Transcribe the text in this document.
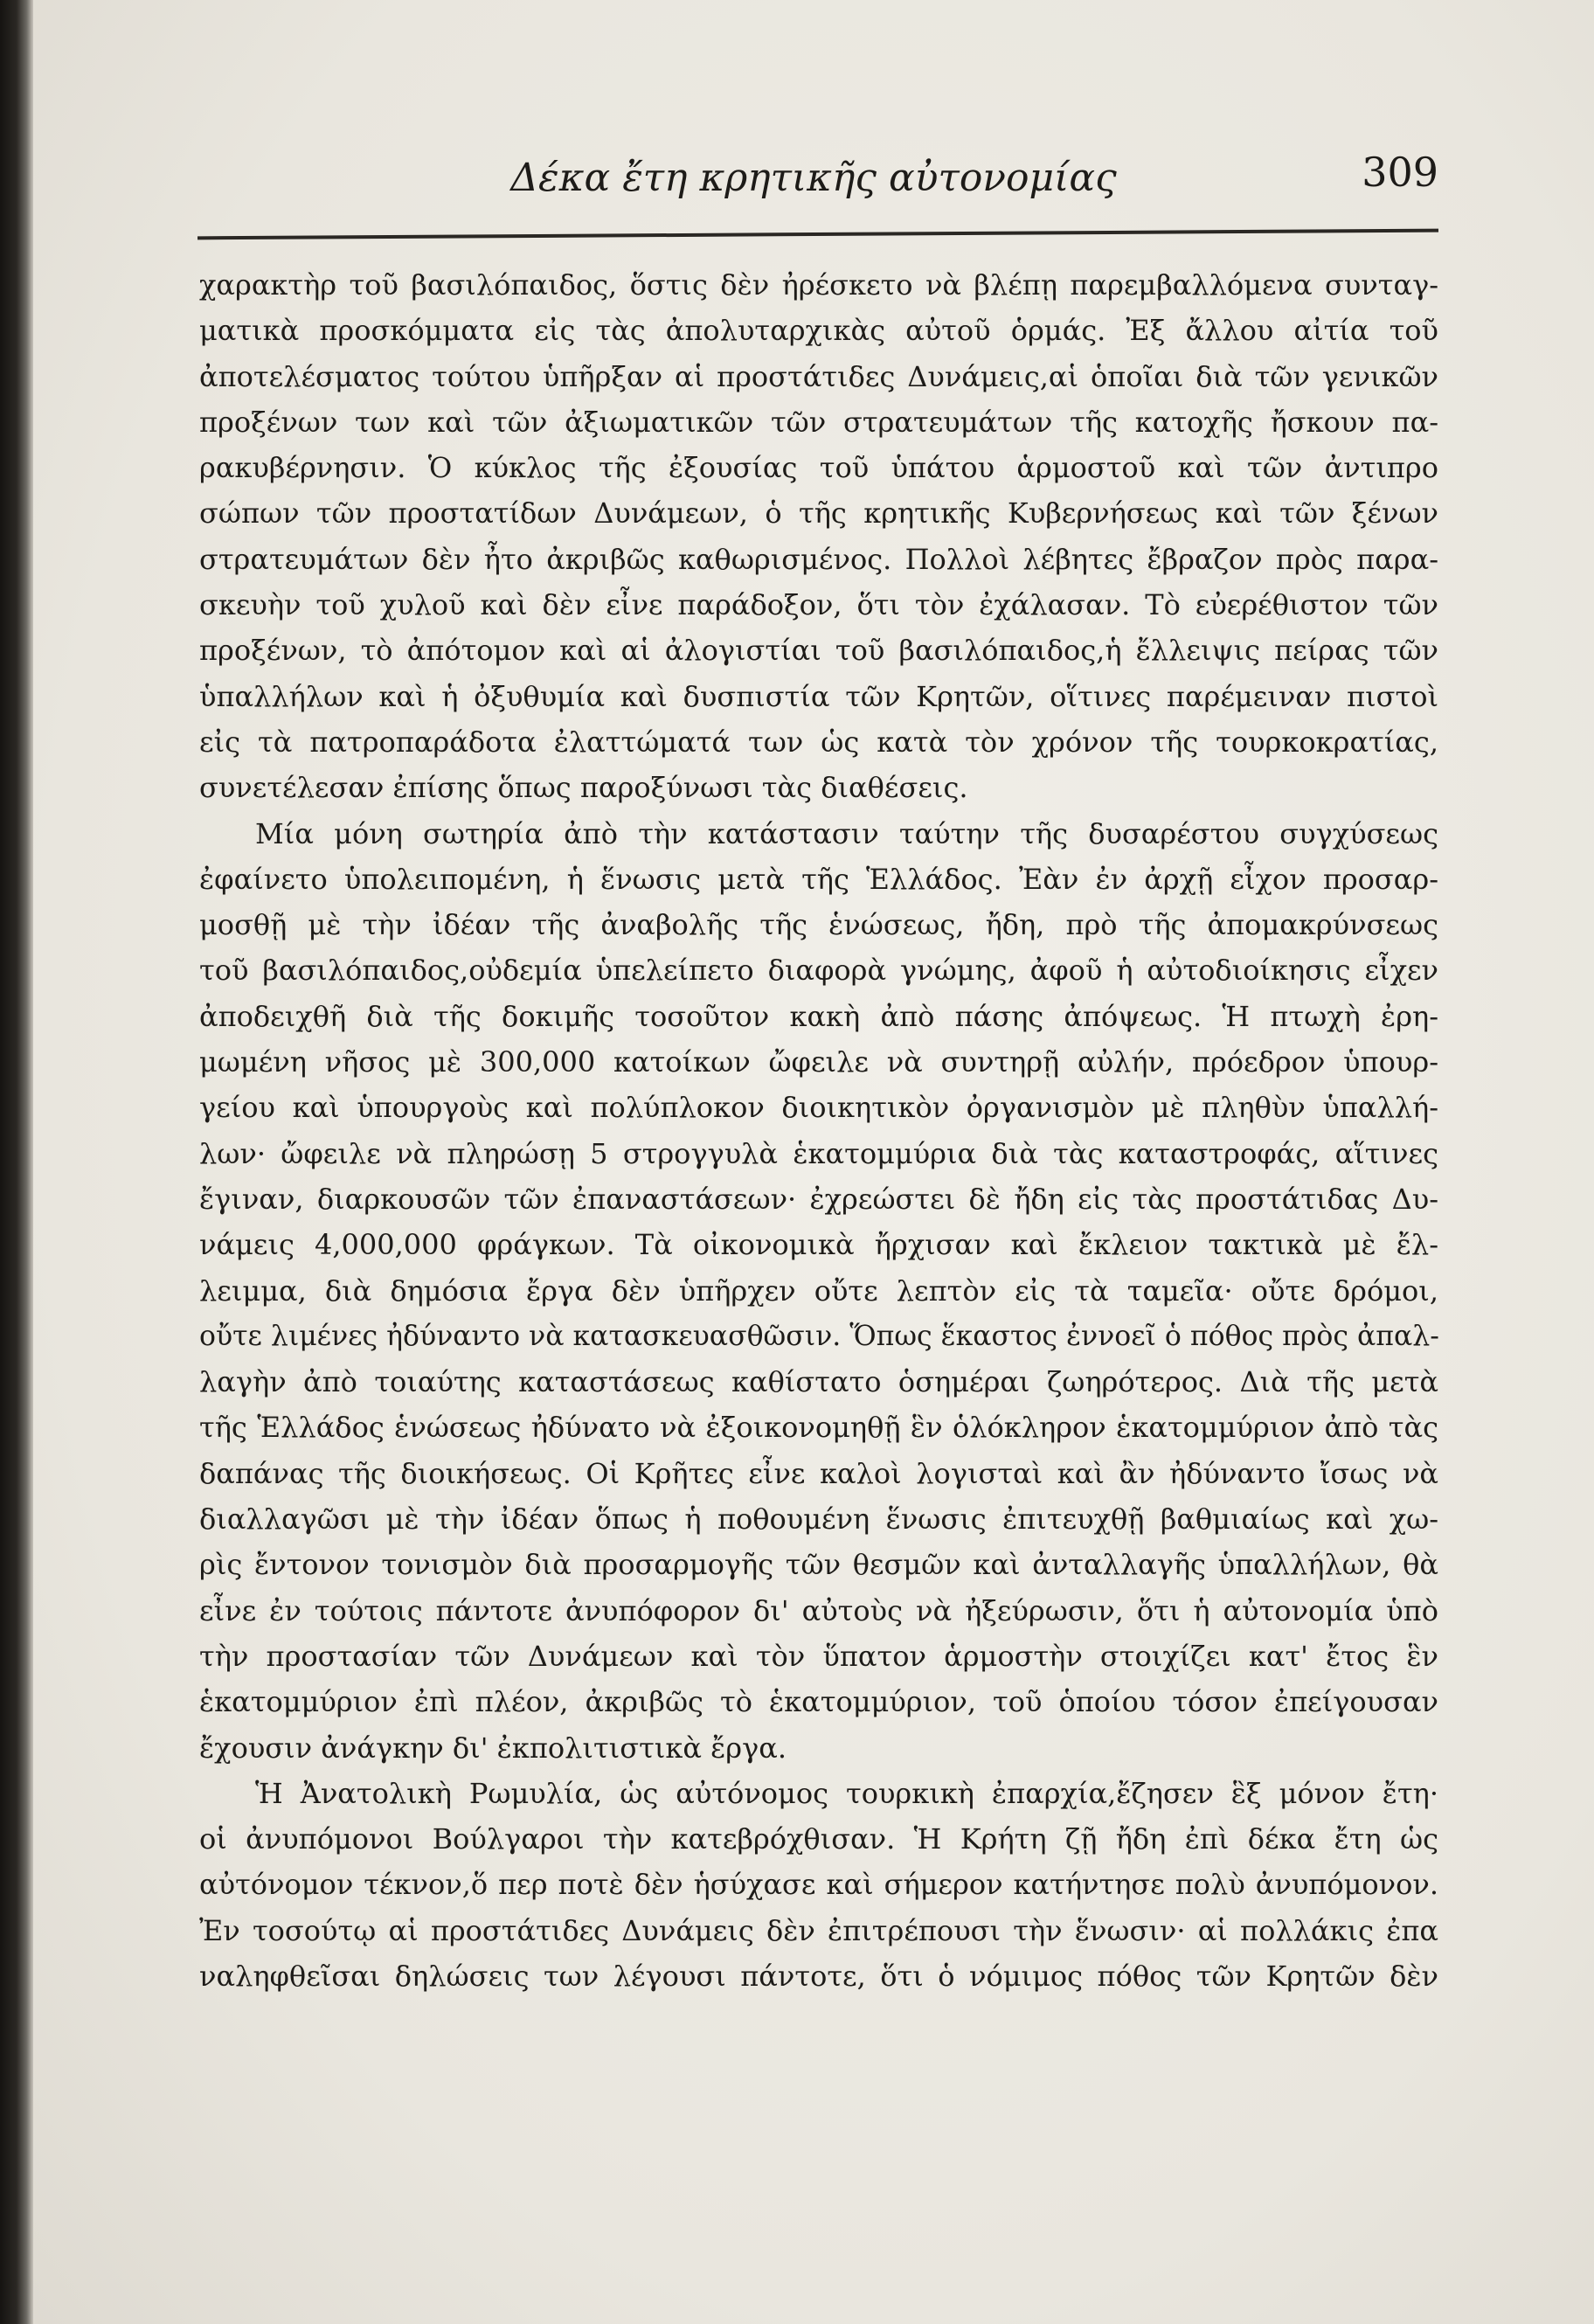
Δέκα ἔτη κρητικῆς αὐτονομίας	309
χαρακτὴρ τοῦ βασιλόπαιδος, ὅστις δὲν ἠρέσκετο νὰ βλέπῃ παρεμβαλλόμενα συνταγ-
ματικὰ προσκόμματα εἰς τὰς ἀπολυταρχικὰς αὐτοῦ ὁρμάς. Ἐξ ἄλλου αἰτία τοῦ
ἀποτελέσματος τούτου ὑπῆρξαν αἱ προστάτιδες Δυνάμεις,αἱ ὁποῖαι διὰ τῶν γενικῶν
προξένων των καὶ τῶν ἀξιωματικῶν τῶν στρατευμάτων τῆς κατοχῆς ἤσκουν πα-
ρακυβέρνησιν. Ὁ κύκλος τῆς ἐξουσίας τοῦ ὑπάτου ἁρμοστοῦ καὶ τῶν ἀντιπρο
σώπων τῶν προστατίδων Δυνάμεων, ὁ τῆς κρητικῆς Κυβερνήσεως καὶ τῶν ξένων
στρατευμάτων δὲν ἦτο ἀκριβῶς καθωρισμένος. Πολλοὶ λέβητες ἔβραζον πρὸς παρα-
σκευὴν τοῦ χυλοῦ καὶ δὲν εἶνε παράδοξον, ὅτι τὸν ἐχάλασαν. Τὸ εὐερέθιστον τῶν
προξένων, τὸ ἀπότομον καὶ αἱ ἀλογιστίαι τοῦ βασιλόπαιδος,ἡ ἔλλειψις πείρας τῶν
ὑπαλλήλων καὶ ἡ ὀξυθυμία καὶ δυσπιστία τῶν Κρητῶν, οἵτινες παρέμειναν πιστοὶ
εἰς τὰ πατροπαράδοτα ἐλαττώματά των ὡς κατὰ τὸν χρόνον τῆς τουρκοκρατίας,
συνετέλεσαν ἐπίσης ὅπως παροξύνωσι τὰς διαθέσεις.
Μία μόνη σωτηρία ἀπὸ τὴν κατάστασιν ταύτην τῆς δυσαρέστου συγχύσεως
ἐφαίνετο ὑπολειπομένη, ἡ ἕνωσις μετὰ τῆς Ἑλλάδος. Ἐὰν ἐν ἀρχῇ εἶχον προσαρ-
μοσθῇ μὲ τὴν ἰδέαν τῆς ἀναβολῆς τῆς ἑνώσεως, ἤδη, πρὸ τῆς ἀπομακρύνσεως
τοῦ βασιλόπαιδος,οὐδεμία ὑπελείπετο διαφορὰ γνώμης, ἀφοῦ ἡ αὐτοδιοίκησις εἶχεν
ἀποδειχθῆ διὰ τῆς δοκιμῆς τοσοῦτον κακὴ ἀπὸ πάσης ἀπόψεως. Ἡ πτωχὴ ἐρη-
μωμένη νῆσος μὲ 300,000 κατοίκων ὤφειλε νὰ συντηρῇ αὐλήν, πρόεδρον ὑπουρ-
γείου καὶ ὑπουργοὺς καὶ πολύπλοκον διοικητικὸν ὀργανισμὸν μὲ πληθὺν ὑπαλλή-
λων· ὤφειλε νὰ πληρώσῃ 5 στρογγυλὰ ἑκατομμύρια διὰ τὰς καταστροφάς, αἵτινες
ἔγιναν, διαρκουσῶν τῶν ἐπαναστάσεων· ἐχρεώστει δὲ ἤδη εἰς τὰς προστάτιδας Δυ-
νάμεις 4,000,000 φράγκων. Τὰ οἰκονομικὰ ἤρχισαν καὶ ἔκλειον τακτικὰ μὲ ἔλ-
λειμμα, διὰ δημόσια ἔργα δὲν ὑπῆρχεν οὔτε λεπτὸν εἰς τὰ ταμεῖα· οὔτε δρόμοι,
οὔτε λιμένες ἠδύναντο νὰ κατασκευασθῶσιν. Ὅπως ἕκαστος ἐννοεῖ ὁ πόθος πρὸς ἀπαλ-
λαγὴν ἀπὸ τοιαύτης καταστάσεως καθίστατο ὁσημέραι ζωηρότερος. Διὰ τῆς μετὰ
τῆς Ἑλλάδος ἑνώσεως ἠδύνατο νὰ ἐξοικονομηθῇ ἓν ὁλόκληρον ἑκατομμύριον ἀπὸ τὰς
δαπάνας τῆς διοικήσεως. Οἱ Κρῆτες εἶνε καλοὶ λογισταὶ καὶ ἂν ἠδύναντο ἴσως νὰ
διαλλαγῶσι μὲ τὴν ἰδέαν ὅπως ἡ ποθουμένη ἕνωσις ἐπιτευχθῇ βαθμιαίως καὶ χω-
ρὶς ἔντονον τονισμὸν διὰ προσαρμογῆς τῶν θεσμῶν καὶ ἀνταλλαγῆς ὑπαλλήλων, θὰ
εἶνε ἐν τούτοις πάντοτε ἀνυπόφορον δι' αὐτοὺς νὰ ἠξεύρωσιν, ὅτι ἡ αὐτονομία ὑπὸ
τὴν προστασίαν τῶν Δυνάμεων καὶ τὸν ὕπατον ἁρμοστὴν στοιχίζει κατ' ἔτος ἓν
ἑκατομμύριον ἐπὶ πλέον, ἀκριβῶς τὸ ἑκατομμύριον, τοῦ ὁποίου τόσον ἐπείγουσαν
ἔχουσιν ἀνάγκην δι' ἐκπολιτιστικὰ ἔργα.
Ἡ Ἀνατολικὴ Ρωμυλία, ὡς αὐτόνομος τουρκικὴ ἐπαρχία,ἔζησεν ἓξ μόνον ἔτη·
οἱ ἀνυπόμονοι Βούλγαροι τὴν κατεβρόχθισαν. Ἡ Κρήτη ζῇ ἤδη ἐπὶ δέκα ἔτη ὡς
αὐτόνομον τέκνον,ὅ περ ποτὲ δὲν ἡσύχασε καὶ σήμερον κατήντησε πολὺ ἀνυπόμονον.
Ἐν τοσούτῳ αἱ προστάτιδες Δυνάμεις δὲν ἐπιτρέπουσι τὴν ἕνωσιν· αἱ πολλάκις ἐπα
ναληφθεῖσαι δηλώσεις των λέγουσι πάντοτε, ὅτι ὁ νόμιμος πόθος τῶν Κρητῶν δὲν
